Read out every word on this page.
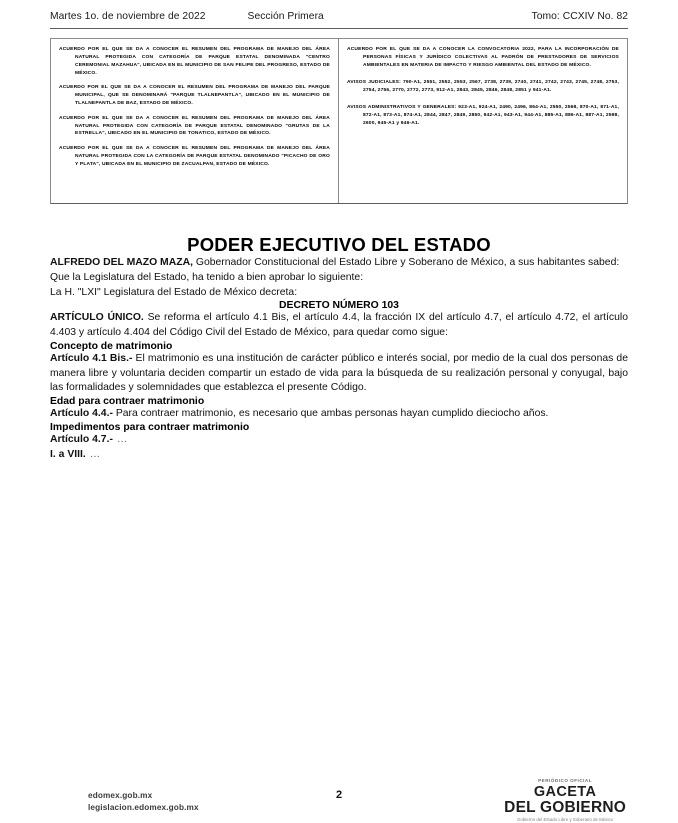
Martes 1o. de noviembre de 2022	Sección Primera	Tomo: CCXIV No. 82

ACUERDO POR EL QUE SE DA A CONOCER EL RESUMEN DEL PROGRAMA DE MANEJO DEL ÁREA NATURAL PROTEGIDA CON CATEGORÍA DE PARQUE ESTATAL DENOMINADA "CENTRO CEREMONIAL MAZAHUA", UBICADA EN EL MUNICIPIO DE SAN FELIPE DEL PROGRESO, ESTADO DE MÉXICO.

ACUERDO POR EL QUE SE DA A CONOCER EL RESUMEN DEL PROGRAMA DE MANEJO DEL PARQUE MUNICIPAL, QUE SE DENOMINARÁ "PARQUE TLALNEPANTLA", UBICADO EN EL MUNICIPIO DE TLALNEPANTLA DE BAZ, ESTADO DE MÉXICO.

ACUERDO POR EL QUE SE DA A CONOCER EL RESUMEN DEL PROGRAMA DE MANEJO DEL ÁREA NATURAL PROTEGIDA CON CATEGORÍA DE PARQUE ESTATAL DENOMINADO "GRUTAS DE LA ESTRELLA", UBICADO EN EL MUNICIPIO DE TONATICO, ESTADO DE MÉXICO.

ACUERDO POR EL QUE SE DA A CONOCER EL RESUMEN DEL PROGRAMA DE MANEJO DEL ÁREA NATURAL PROTEGIDA CON LA CATEGORÍA DE PARQUE ESTATAL DENOMINADO "PICACHO DE ORO Y PLATA", UBICADA EN EL MUNICIPIO DE ZACUALPAN, ESTADO DE MÉXICO.

ACUERDO POR EL QUE SE DA A CONOCER LA CONVOCATORIA 2022, PARA LA INCORPORACIÓN DE PERSONAS FÍSICAS Y JURÍDICO COLECTIVAS AL PADRÓN DE PRESTADORES DE SERVICIOS AMBIENTALES EN MATERIA DE IMPACTO Y RIESGO AMBIENTAL DEL ESTADO DE MÉXICO.

AVISOS JUDICIALES: 790-A1, 2551, 2552, 2553, 2567, 2738, 2739, 2740, 2741, 2742, 2743, 2745, 2748, 2753, 2754, 2756, 2770, 2772, 2773, 912-A1, 2843, 2845, 2846, 2848, 2851 y 941-A1.

AVISOS ADMINISTRATIVOS Y GENERALES: 923-A1, 924-A1, 2490, 2496, 864-A1, 2550, 2568, 870-A1, 871-A1, 872-A1, 873-A1, 874-A1, 2844, 2847, 2849, 2850, 942-A1, 943-A1, 944-A1, 885-A1, 886-A1, 887-A1, 2598, 2600, 945-A1 y 946-A1.

PODER EJECUTIVO DEL ESTADO

ALFREDO DEL MAZO MAZA, Gobernador Constitucional del Estado Libre y Soberano de México, a sus habitantes sabed:

Que la Legislatura del Estado, ha tenido a bien aprobar lo siguiente:

La H. "LXI" Legislatura del Estado de México decreta:

DECRETO NÚMERO 103

ARTÍCULO ÚNICO. Se reforma el artículo 4.1 Bis, el artículo 4.4, la fracción IX del artículo 4.7, el artículo 4.72, el artículo 4.403 y artículo 4.404 del Código Civil del Estado de México, para quedar como sigue:

Concepto de matrimonio

Artículo 4.1 Bis.- El matrimonio es una institución de carácter público e interés social, por medio de la cual dos personas de manera libre y voluntaria deciden compartir un estado de vida para la búsqueda de su realización personal y conyugal, bajo las formalidades y solemnidades que establezca el presente Código.

Edad para contraer matrimonio

Artículo 4.4.- Para contraer matrimonio, es necesario que ambas personas hayan cumplido dieciocho años.

Impedimentos para contraer matrimonio

Artículo 4.7.- …

I. a VIII. …

edomex.gob.mx
legislacion.edomex.gob.mx
2
PERIÓDICO OFICIAL
GACETA
DEL GOBIERNO
Gobierno del Estado Libre y Soberano de México
